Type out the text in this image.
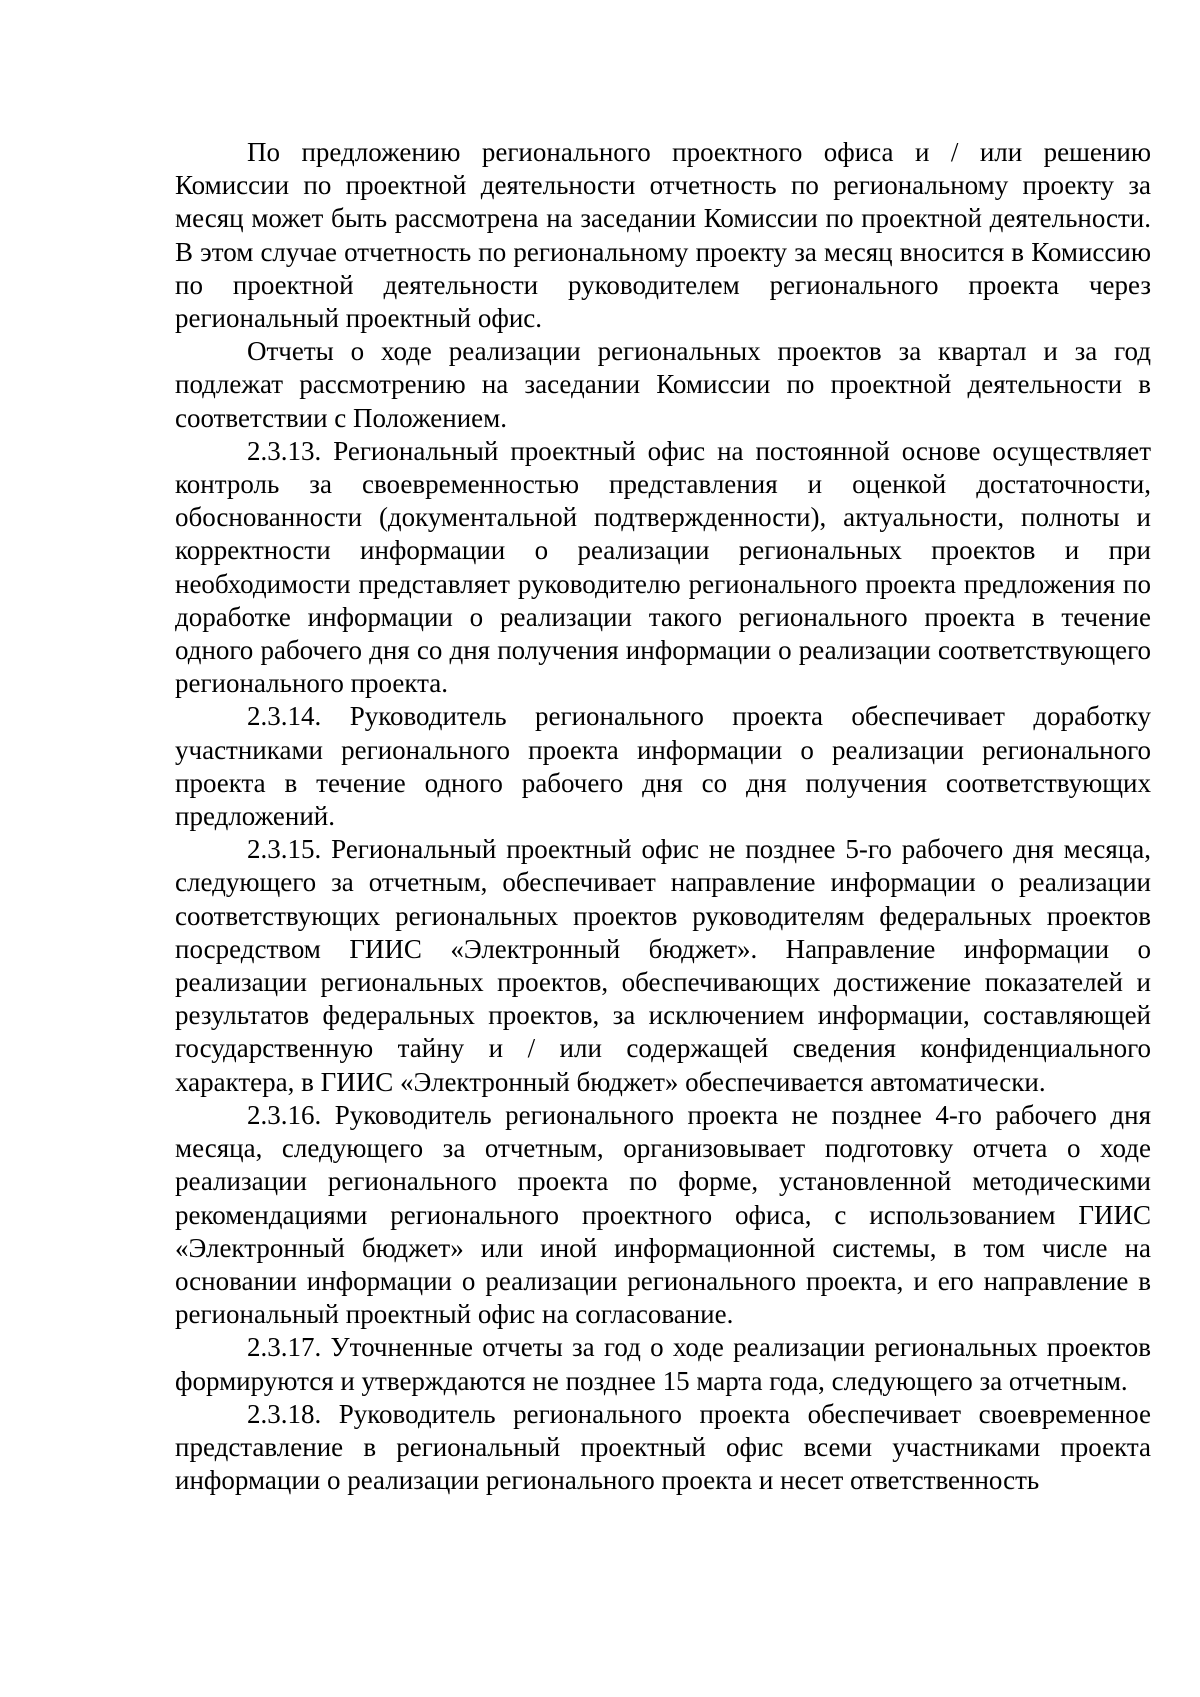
По предложению регионального проектного офиса и / или решению Комиссии по проектной деятельности отчетность по региональному проекту за месяц может быть рассмотрена на заседании Комиссии по проектной деятельности. В этом случае отчетность по региональному проекту за месяц вносится в Комиссию по проектной деятельности руководителем регионального проекта через региональный проектный офис.

Отчеты о ходе реализации региональных проектов за квартал и за год подлежат рассмотрению на заседании Комиссии по проектной деятельности в соответствии с Положением.

2.3.13. Региональный проектный офис на постоянной основе осуществляет контроль за своевременностью представления и оценкой достаточности, обоснованности (документальной подтвержденности), актуальности, полноты и корректности информации о реализации региональных проектов и при необходимости представляет руководителю регионального проекта предложения по доработке информации о реализации такого регионального проекта в течение одного рабочего дня со дня получения информации о реализации соответствующего регионального проекта.

2.3.14. Руководитель регионального проекта обеспечивает доработку участниками регионального проекта информации о реализации регионального проекта в течение одного рабочего дня со дня получения соответствующих предложений.

2.3.15. Региональный проектный офис не позднее 5-го рабочего дня месяца, следующего за отчетным, обеспечивает направление информации о реализации соответствующих региональных проектов руководителям федеральных проектов посредством ГИИС «Электронный бюджет». Направление информации о реализации региональных проектов, обеспечивающих достижение показателей и результатов федеральных проектов, за исключением информации, составляющей государственную тайну и / или содержащей сведения конфиденциального характера, в ГИИС «Электронный бюджет» обеспечивается автоматически.

2.3.16. Руководитель регионального проекта не позднее 4-го рабочего дня месяца, следующего за отчетным, организовывает подготовку отчета о ходе реализации регионального проекта по форме, установленной методическими рекомендациями регионального проектного офиса, с использованием ГИИС «Электронный бюджет» или иной информационной системы, в том числе на основании информации о реализации регионального проекта, и его направление в региональный проектный офис на согласование.

2.3.17. Уточненные отчеты за год о ходе реализации региональных проектов формируются и утверждаются не позднее 15 марта года, следующего за отчетным.

2.3.18. Руководитель регионального проекта обеспечивает своевременное представление в региональный проектный офис всеми участниками проекта информации о реализации регионального проекта и несет ответственность
